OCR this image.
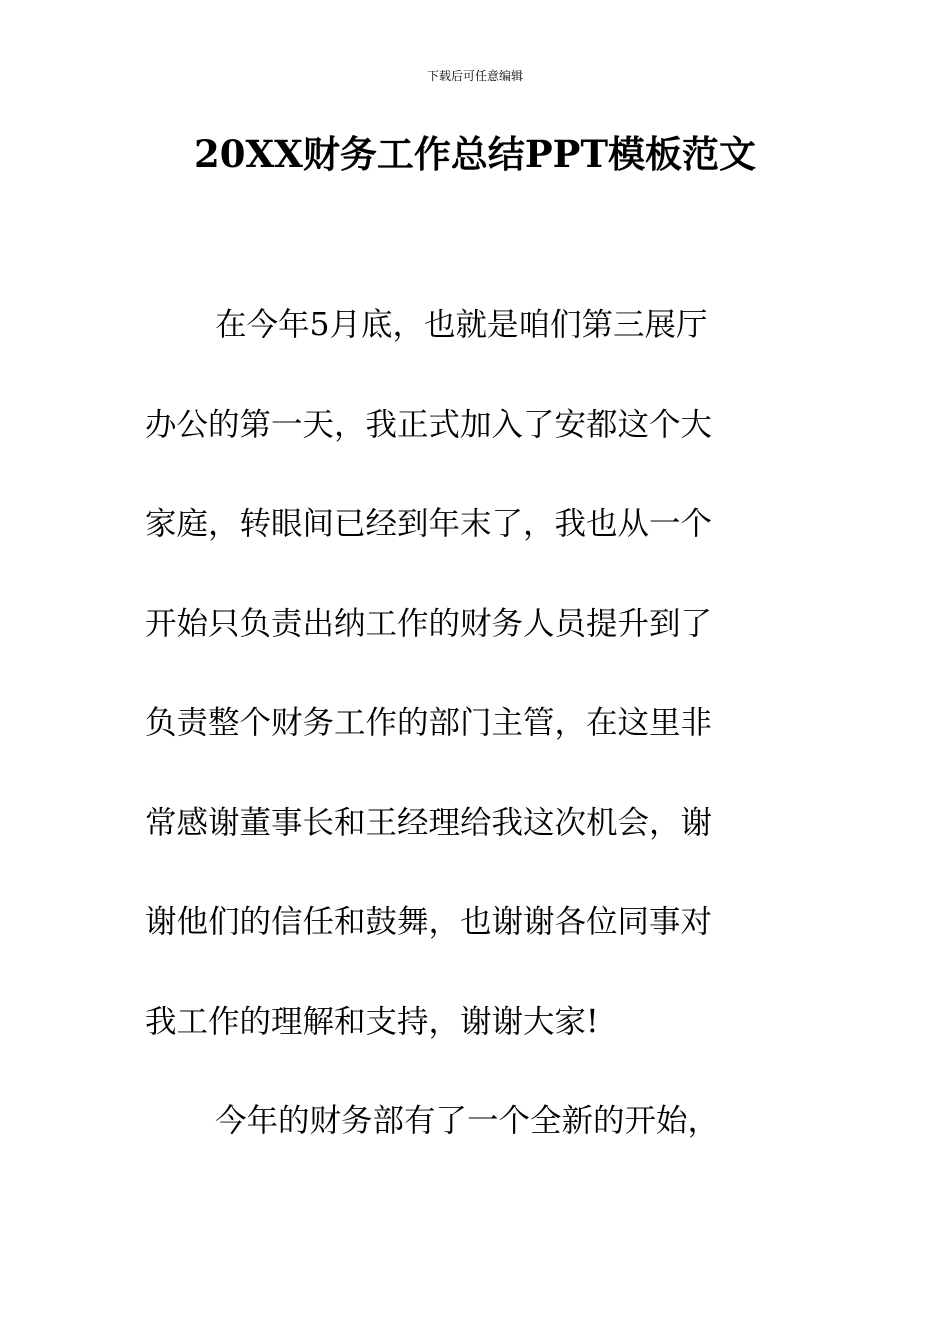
下载后可任意编辑
20XX财务工作总结PPT模板范文
在今年5月底，也就是咱们第三展厅
办公的第一天，我正式加入了安都这个大
家庭，转眼间已经到年末了，我也从一个
开始只负责出纳工作的财务人员提升到了
负责整个财务工作的部门主管，在这里非
常感谢董事长和王经理给我这次机会，谢
谢他们的信任和鼓舞，也谢谢各位同事对
我工作的理解和支持，谢谢大家!
今年的财务部有了一个全新的开始，
